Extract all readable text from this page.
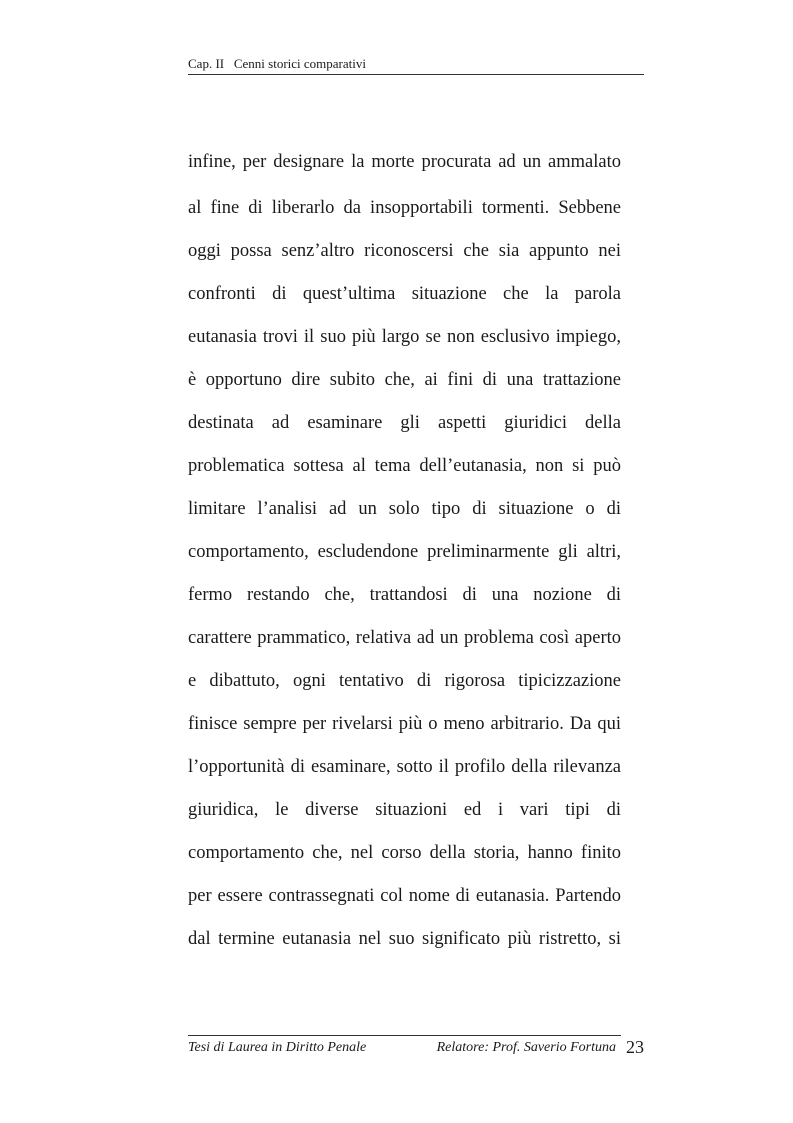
Cap. II   Cenni storici comparativi
infine, per designare la morte procurata ad un ammalato
al fine di liberarlo da insopportabili tormenti. Sebbene
oggi possa senz’altro riconoscersi che sia appunto nei
confronti di quest’ultima situazione che la parola
eutanasia trovi il suo più largo se non esclusivo impiego,
è opportuno dire subito che, ai fini di una trattazione
destinata ad esaminare gli aspetti giuridici della
problematica sottesa al tema dell’eutanasia, non si può
limitare l’analisi ad un solo tipo di situazione o di
comportamento, escludendone preliminarmente gli altri,
fermo restando che, trattandosi di una nozione di
carattere prammatico, relativa ad un problema così aperto
e dibattuto, ogni tentativo di rigorosa tipicizzazione
finisce sempre per rivelarsi più o meno arbitrario. Da qui
l’opportunità di esaminare, sotto il profilo della rilevanza
giuridica, le diverse situazioni ed i vari tipi di
comportamento che, nel corso della storia, hanno finito
per essere contrassegnati col nome di eutanasia. Partendo
dal termine eutanasia nel suo significato più ristretto, si
Tesi di Laurea in Diritto Penale	Relatore: Prof. Saverio Fortuna 23
